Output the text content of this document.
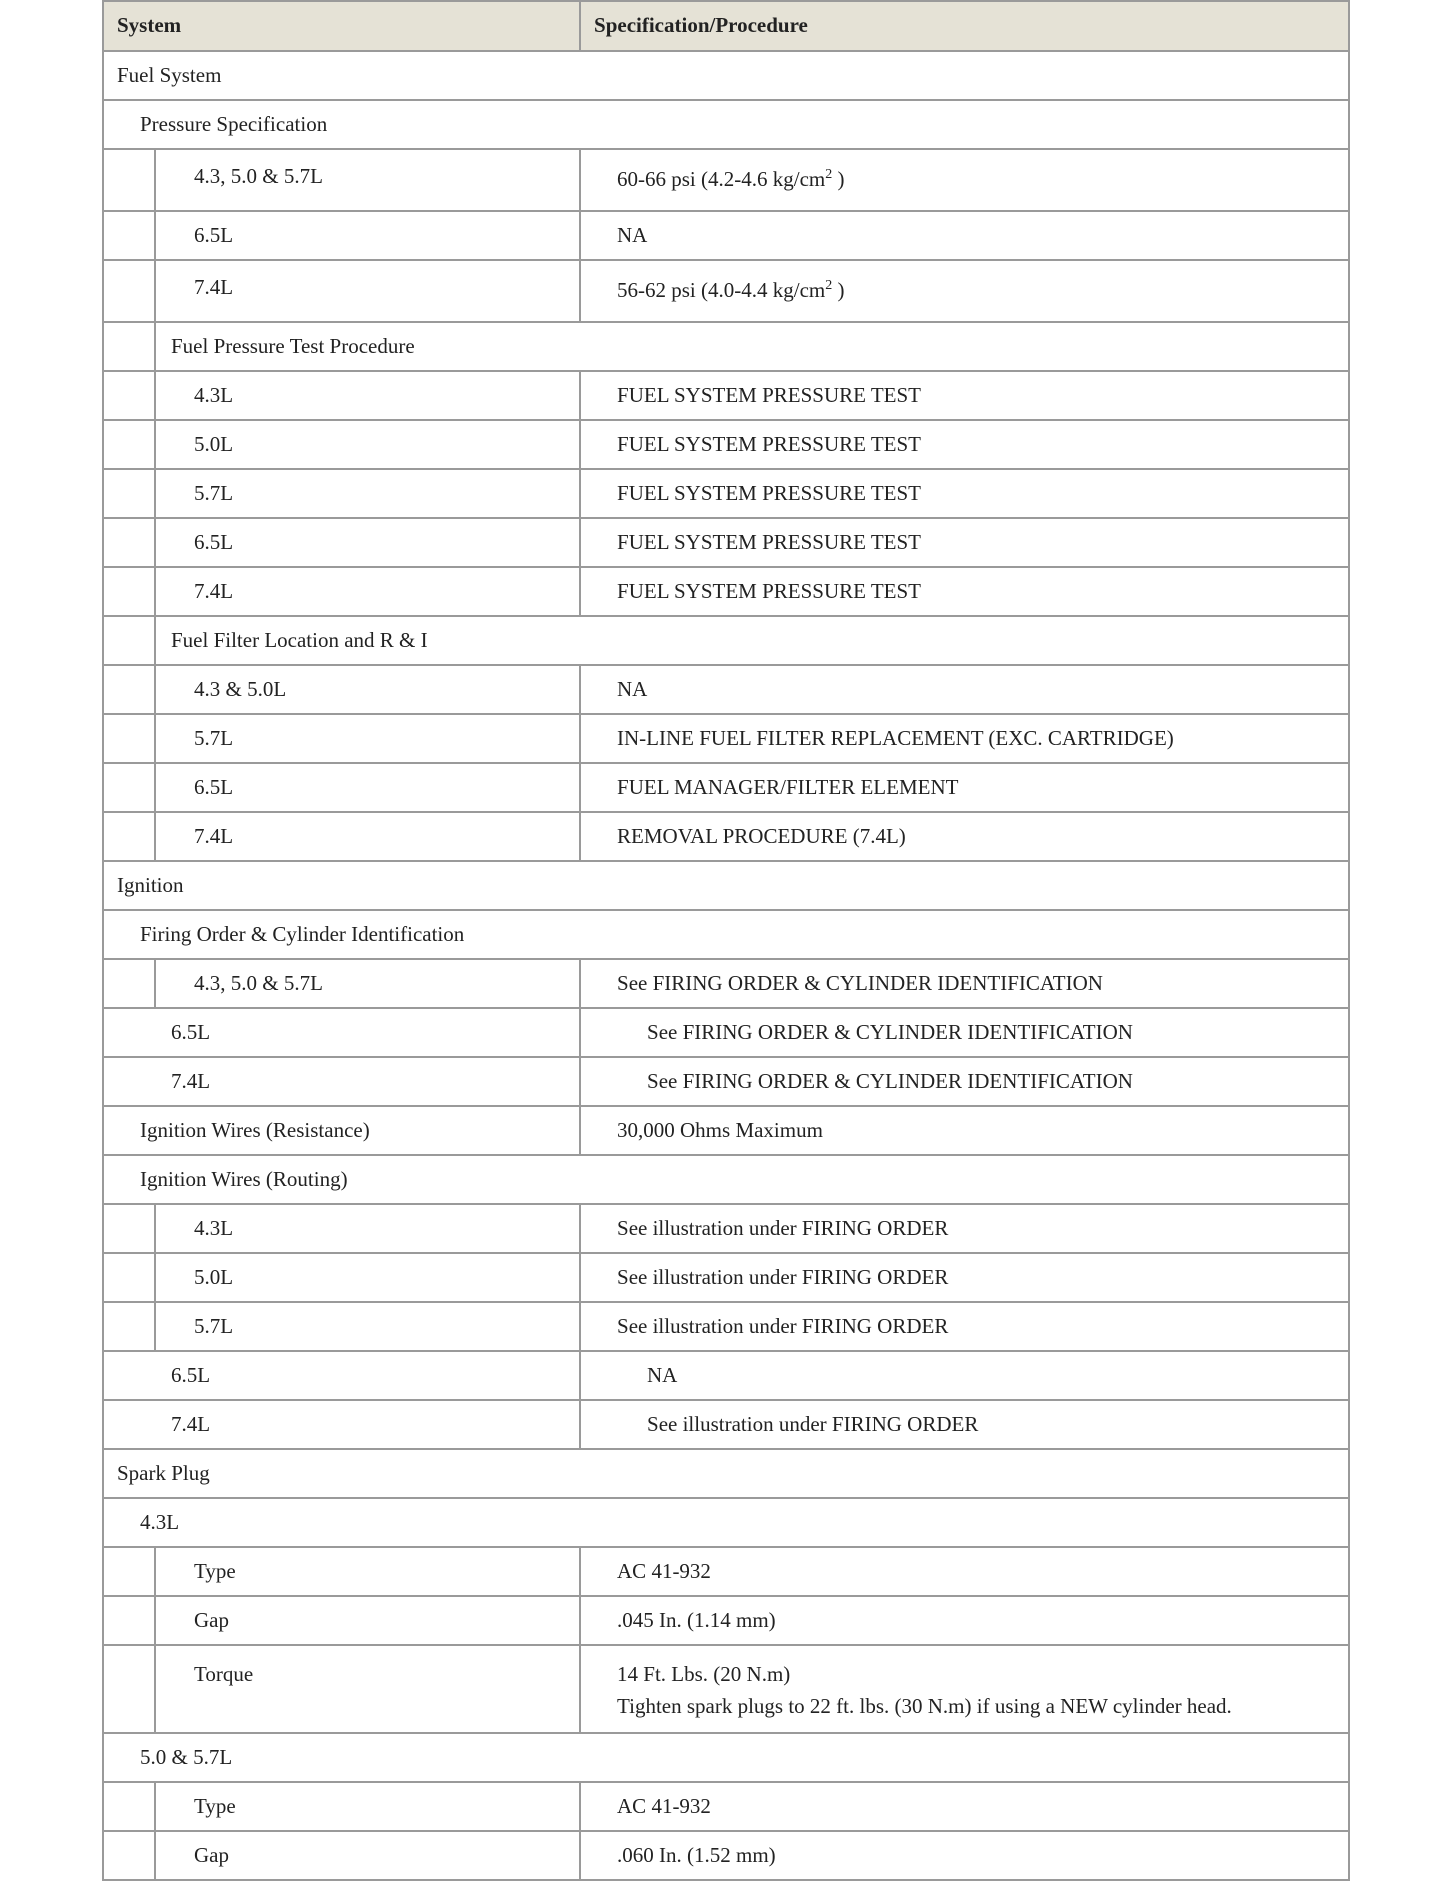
System		Specification/Procedure
Fuel System		
Pressure Specification		
	4.3, 5.0 & 5.7L	60-66 psi (4.2-4.6 $kg/cm^2$ )
	6.5L	NA
	7.4L	56-62 psi (4.0-4.4 $kg/cm^2$ )
	Fuel Pressure Test Procedure	
	4.3L	FUEL SYSTEM PRESSURE TEST
	5.0L	FUEL SYSTEM PRESSURE TEST
	5.7L	FUEL SYSTEM PRESSURE TEST
	6.5L	FUEL SYSTEM PRESSURE TEST
	7.4L	FUEL SYSTEM PRESSURE TEST
	Fuel Filter Location and R & I	
	4.3 & 5.0L	NA
	5.7L	IN-LINE FUEL FILTER REPLACEMENT (EXC. CARTRIDGE)
	6.5L	FUEL MANAGER/FILTER ELEMENT
	7.4L	REMOVAL PROCEDURE (7.4L)
Ignition		
Firing Order & Cylinder Identification		
	4.3, 5.0 & 5.7L	See FIRING ORDER & CYLINDER IDENTIFICATION
6.5L		See FIRING ORDER & CYLINDER IDENTIFICATION
7.4L		See FIRING ORDER & CYLINDER IDENTIFICATION
Ignition Wires (Resistance)		30,000 Ohms Maximum
Ignition Wires (Routing)		
	4.3L	See illustration under FIRING ORDER
	5.0L	See illustration under FIRING ORDER
	5.7L	See illustration under FIRING ORDER
6.5L		NA
7.4L		See illustration under FIRING ORDER
Spark Plug		
4.3L		
	Type	AC 41-932
	Gap	.045 In. (1.14 mm)

	Torque	14 Ft. Lbs. (20 N.m)
Tighten spark plugs to 22 ft. lbs. (30 N.m) if using a NEW cylinder head.

5.0 & 5.7L		
	Type	AC 41-932
	Gap	.060 In. (1.52 mm)
